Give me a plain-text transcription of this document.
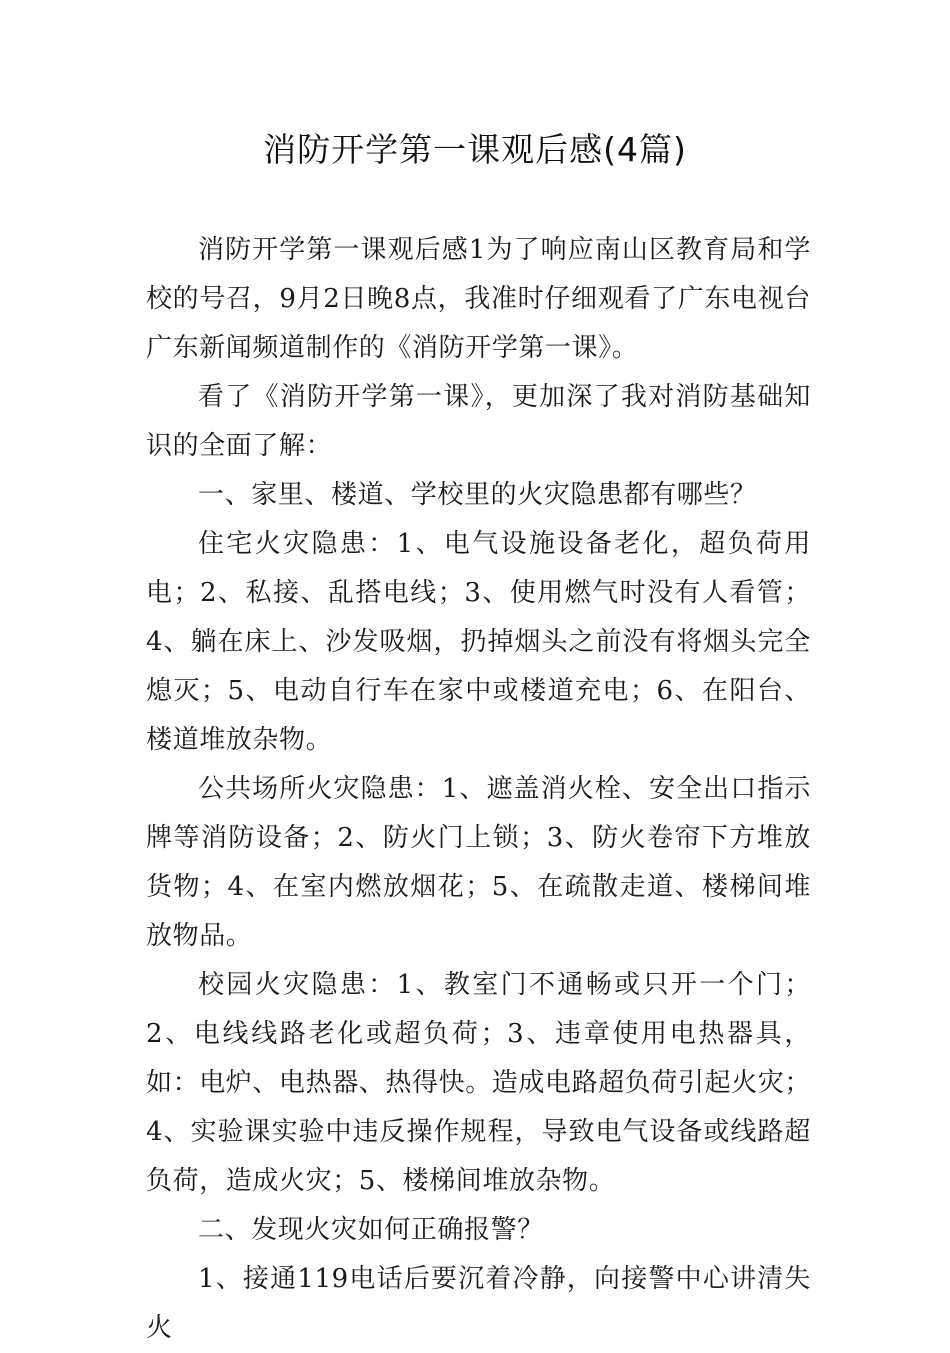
消防开学第一课观后感(4篇)

消防开学第一课观后感1为了响应南山区教育局和学校的号召，9月2日晚8点，我准时仔细观看了广东电视台广东新闻频道制作的《消防开学第一课》。

看了《消防开学第一课》，更加深了我对消防基础知识的全面了解：

一、家里、楼道、学校里的火灾隐患都有哪些？

住宅火灾隐患：1、电气设施设备老化，超负荷用电；2、私接、乱搭电线；3、使用燃气时没有人看管；4、躺在床上、沙发吸烟，扔掉烟头之前没有将烟头完全熄灭；5、电动自行车在家中或楼道充电；6、在阳台、楼道堆放杂物。

公共场所火灾隐患：1、遮盖消火栓、安全出口指示牌等消防设备；2、防火门上锁；3、防火卷帘下方堆放货物；4、在室内燃放烟花；5、在疏散走道、楼梯间堆放物品。

校园火灾隐患：1、教室门不通畅或只开一个门；2、电线线路老化或超负荷；3、违章使用电热器具，如：电炉、电热器、热得快。造成电路超负荷引起火灾；4、实验课实验中违反操作规程，导致电气设备或线路超负荷，造成火灾；5、楼梯间堆放杂物。

二、发现火灾如何正确报警？

1、接通119电话后要沉着冷静，向接警中心讲清失火
